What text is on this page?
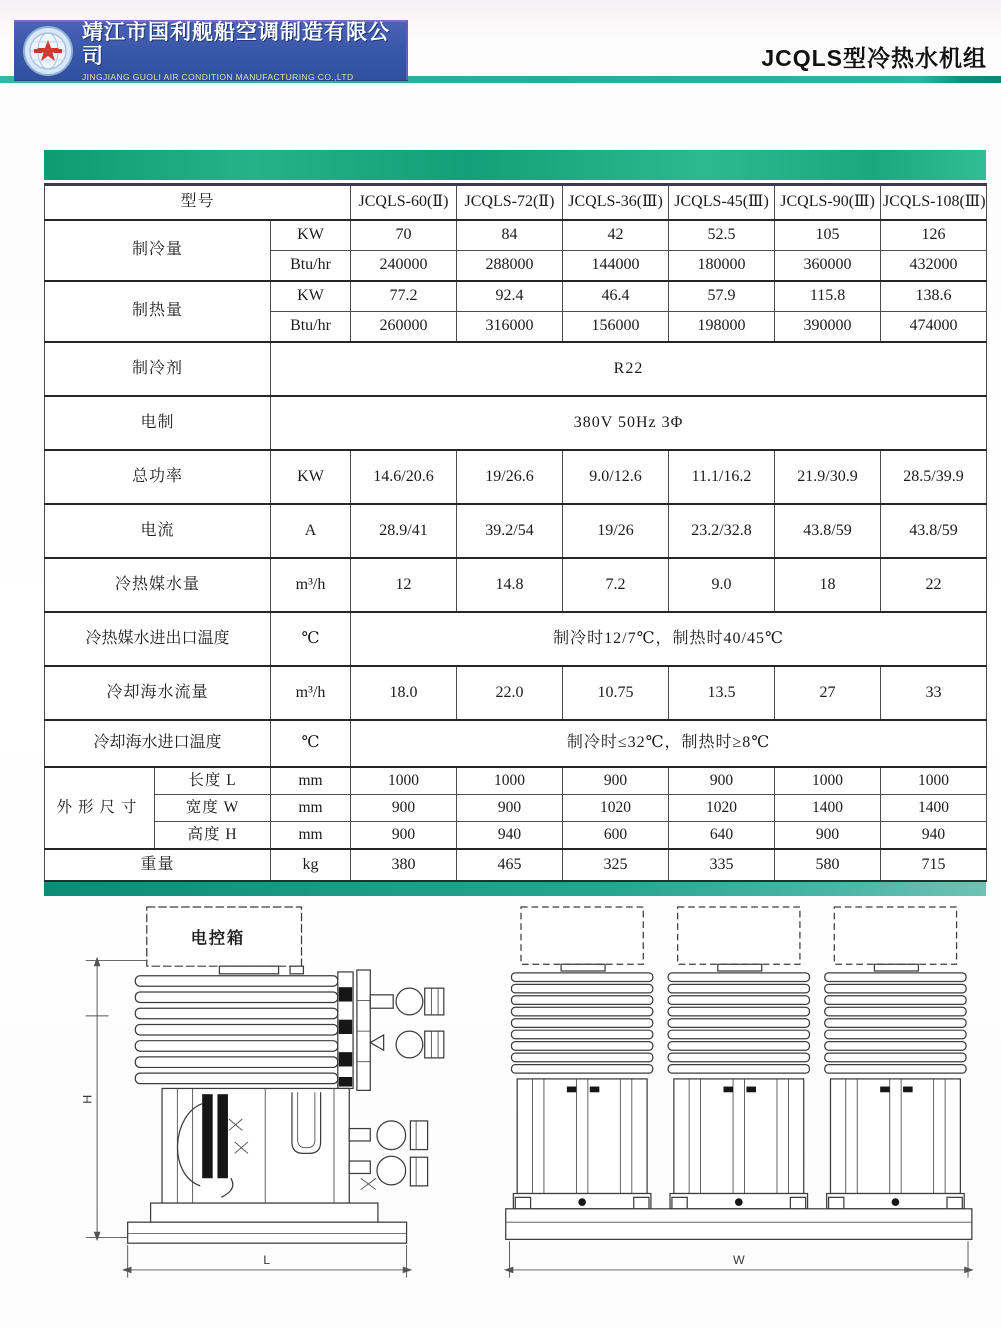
靖江市国利舰船空调制造有限公司
JINGJIANG GUOLI AIR CONDITION MANUFACTURING CO.,LTD
JCQLS型冷热水机组
型号			JCQLS-60(Ⅱ)	JCQLS-72(Ⅱ)	JCQLS-36(Ⅲ)	JCQLS-45(Ⅲ)	JCQLS-90(Ⅲ)	JCQLS-108(Ⅲ)
制冷量		KW	70	84	42	52.5	105	126
		Btu/hr	240000	288000	144000	180000	360000	432000
制热量		KW	77.2	92.4	46.4	57.9	115.8	138.6
		Btu/hr	260000	316000	156000	198000	390000	474000
制冷剂		R22						
电制		380V 50Hz 3Φ						
总功率		KW	14.6/20.6	19/26.6	9.0/12.6	11.1/16.2	21.9/30.9	28.5/39.9
电流		A	28.9/41	39.2/54	19/26	23.2/32.8	43.8/59	43.8/59
冷热媒水量		m³/h	12	14.8	7.2	9.0	18	22
冷热媒水进出口温度		℃	制冷时12/7℃，制热时40/45℃					
冷却海水流量		m³/h	18.0	22.0	10.75	13.5	27	33
冷却海水进口温度		℃	制冷时≤32℃，制热时≥8℃					
外形尺寸	长度 L	mm	1000	1000	900	900	1000	1000
	宽度 W	mm	900	900	1020	1020	1400	1400
	高度 H	mm	900	940	600	640	900	940
重量		kg	380	465	325	335	580	715
H
电控箱
L	W
